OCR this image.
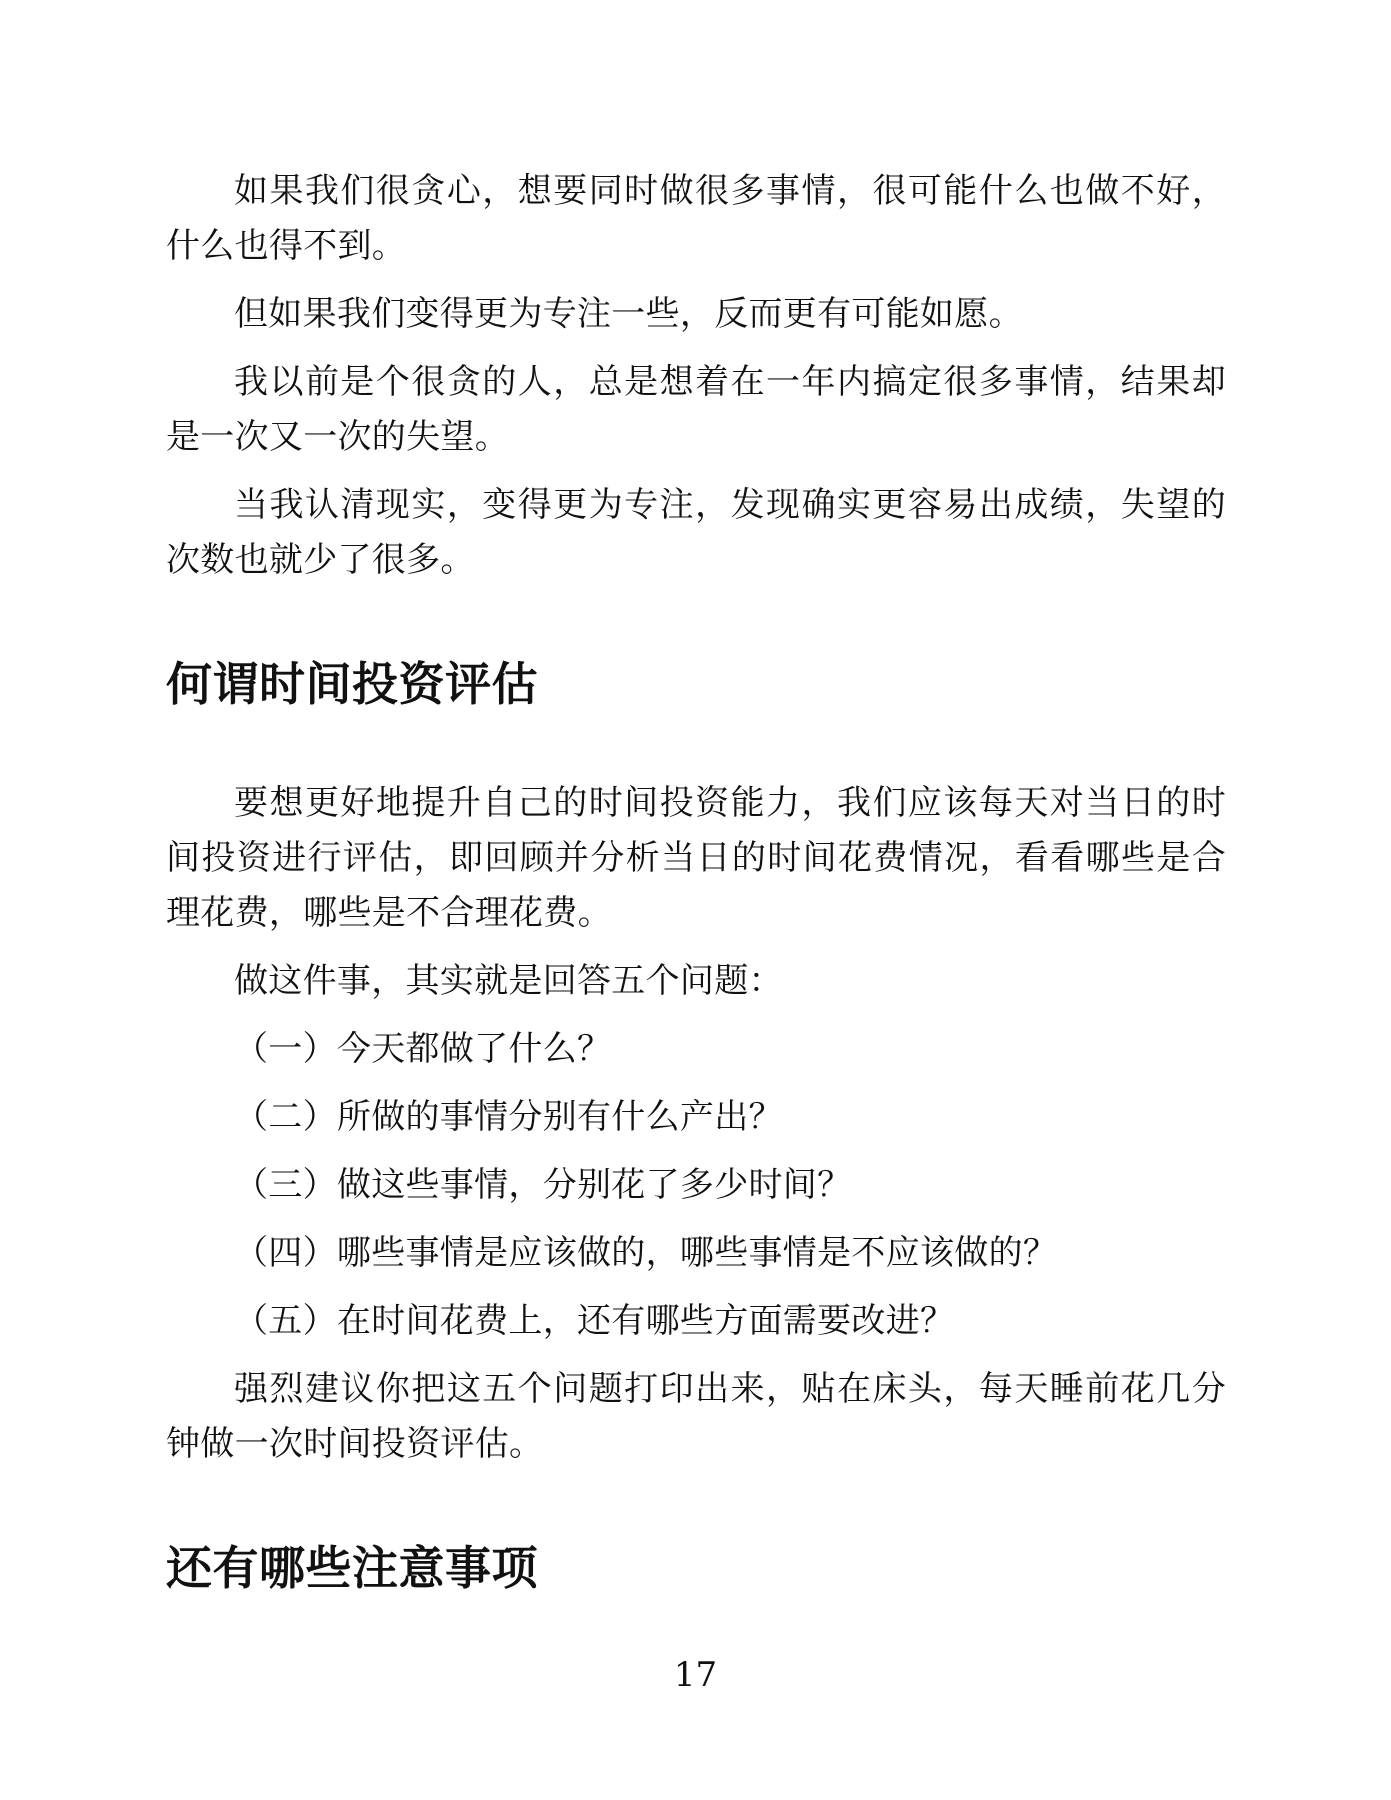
如果我们很贪心，想要同时做很多事情，很可能什么也做不好，什么也得不到。

但如果我们变得更为专注一些，反而更有可能如愿。

我以前是个很贪的人，总是想着在一年内搞定很多事情，结果却是一次又一次的失望。

当我认清现实，变得更为专注，发现确实更容易出成绩，失望的次数也就少了很多。

何谓时间投资评估

要想更好地提升自己的时间投资能力，我们应该每天对当日的时间投资进行评估，即回顾并分析当日的时间花费情况，看看哪些是合理花费，哪些是不合理花费。

做这件事，其实就是回答五个问题：

（一）今天都做了什么？
（二）所做的事情分别有什么产出？
（三）做这些事情，分别花了多少时间？
（四）哪些事情是应该做的，哪些事情是不应该做的？
（五）在时间花费上，还有哪些方面需要改进？

强烈建议你把这五个问题打印出来，贴在床头，每天睡前花几分钟做一次时间投资评估。

还有哪些注意事项
17
